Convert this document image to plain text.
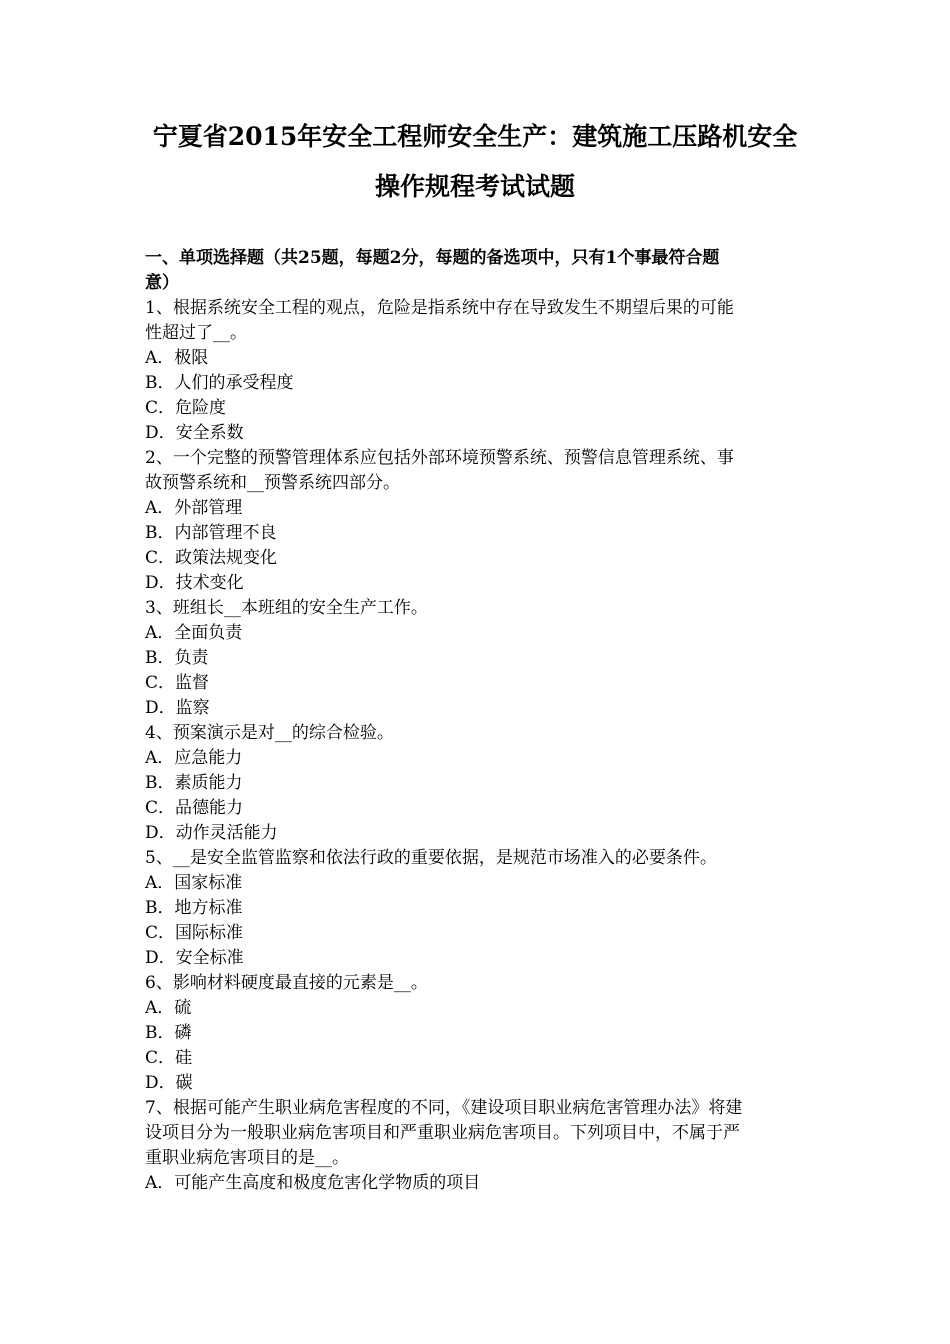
宁夏省2015年安全工程师安全生产：建筑施工压路机安全
操作规程考试试题
一、单项选择题（共25题，每题2分，每题的备选项中，只有1个事最符合题
意）
1、根据系统安全工程的观点，危险是指系统中存在导致发生不期望后果的可能
性超过了__。
A．极限
B．人们的承受程度
C．危险度
D．安全系数
2、一个完整的预警管理体系应包括外部环境预警系统、预警信息管理系统、事
故预警系统和__预警系统四部分。
A．外部管理
B．内部管理不良
C．政策法规变化
D．技术变化
3、班组长__本班组的安全生产工作。
A．全面负责
B．负责
C．监督
D．监察
4、预案演示是对__的综合检验。
A．应急能力
B．素质能力
C．品德能力
D．动作灵活能力
5、__是安全监管监察和依法行政的重要依据，是规范市场准入的必要条件。
A．国家标准
B．地方标准
C．国际标准
D．安全标准
6、影响材料硬度最直接的元素是__。
A．硫
B．磷
C．硅
D．碳
7、根据可能产生职业病危害程度的不同，《建设项目职业病危害管理办法》将建
设项目分为一般职业病危害项目和严重职业病危害项目。下列项目中，不属于严
重职业病危害项目的是__。
A．可能产生高度和极度危害化学物质的项目
